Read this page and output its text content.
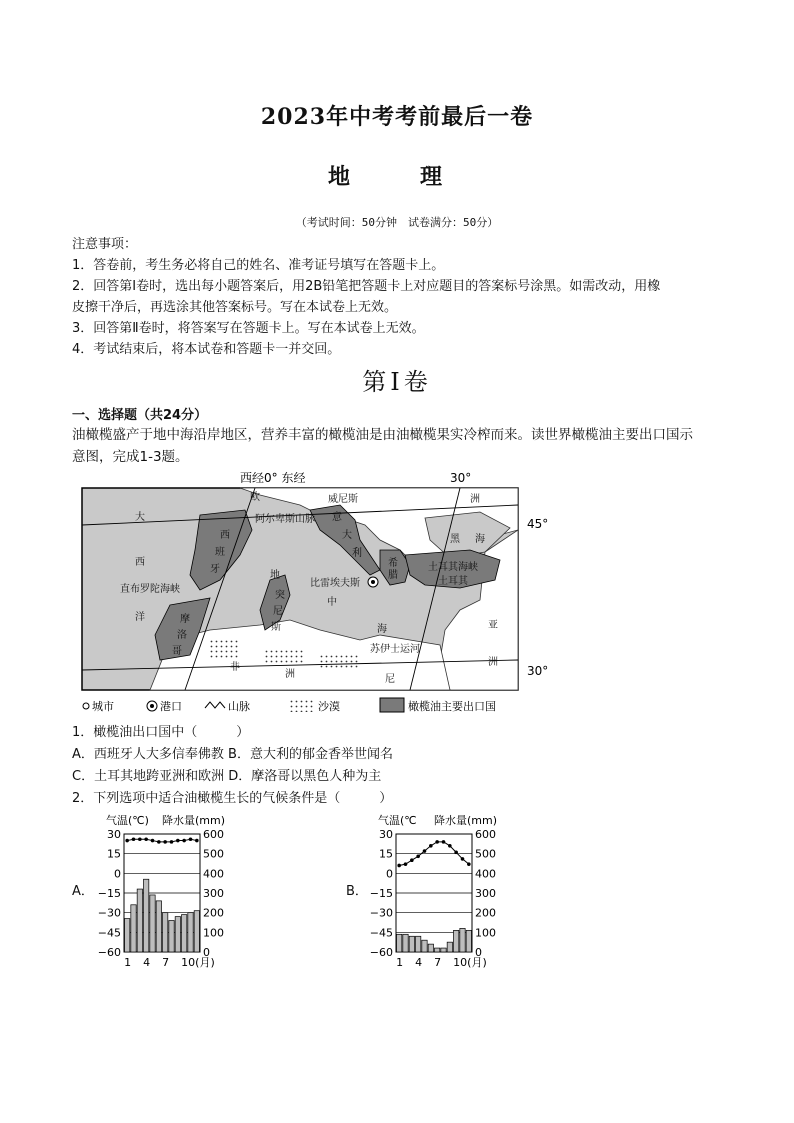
2023年中考考前最后一卷
地　理
（考试时间：50分钟　试卷满分：50分）
注意事项：
1．答卷前，考生务必将自己的姓名、准考证号填写在答题卡上。
2．回答第Ⅰ卷时，选出每小题答案后，用2B铅笔把答题卡上对应题目的答案标号涂黑。如需改动，用橡
皮擦干净后，再选涂其他答案标号。写在本试卷上无效。
3．回答第Ⅱ卷时，将答案写在答题卡上。写在本试卷上无效。
4．考试结束后，将本试卷和答题卡一并交回。
第Ⅰ卷
一、选择题（共24分）
油橄榄盛产于地中海沿岸地区，营养丰富的橄榄油是由油橄榄果实冷榨而来。读世界橄榄油主要出口国示
意图，完成1-3题。
西经0° 东经	30°
45°
30°
欧	洲
威尼斯
阿尔卑斯山脉
大
西
洋
西
班
牙
直布罗陀海峡
摩
洛
哥
地
中
海
意
大
利
比雷埃夫斯
突
尼
斯
希
腊
黑 海
土耳其海峡
土耳其
亚
洲
苏伊士运河
非
洲	尼
城市	港口	山脉	沙漠	橄榄油主要出口国
1．橄榄油出口国中（　　　）
A．西班牙人大多信奉佛教 B．意大利的郁金香举世闻名
C．土耳其地跨亚洲和欧洲 D．摩洛哥以黑色人种为主
2．下列选项中适合油橄榄生长的气候条件是（　　　）
A．	B．
气温(℃) 降水量(mm)
30	600
15	500
0	400
−15	300
−30	200
−45	100
−60	0
1 4 7 10(月)
气温(℃ 降水量(mm)
30	600
15	500
0	400
−15	300
−30	200
−45	100
−60	0
1 4 7 10(月)
